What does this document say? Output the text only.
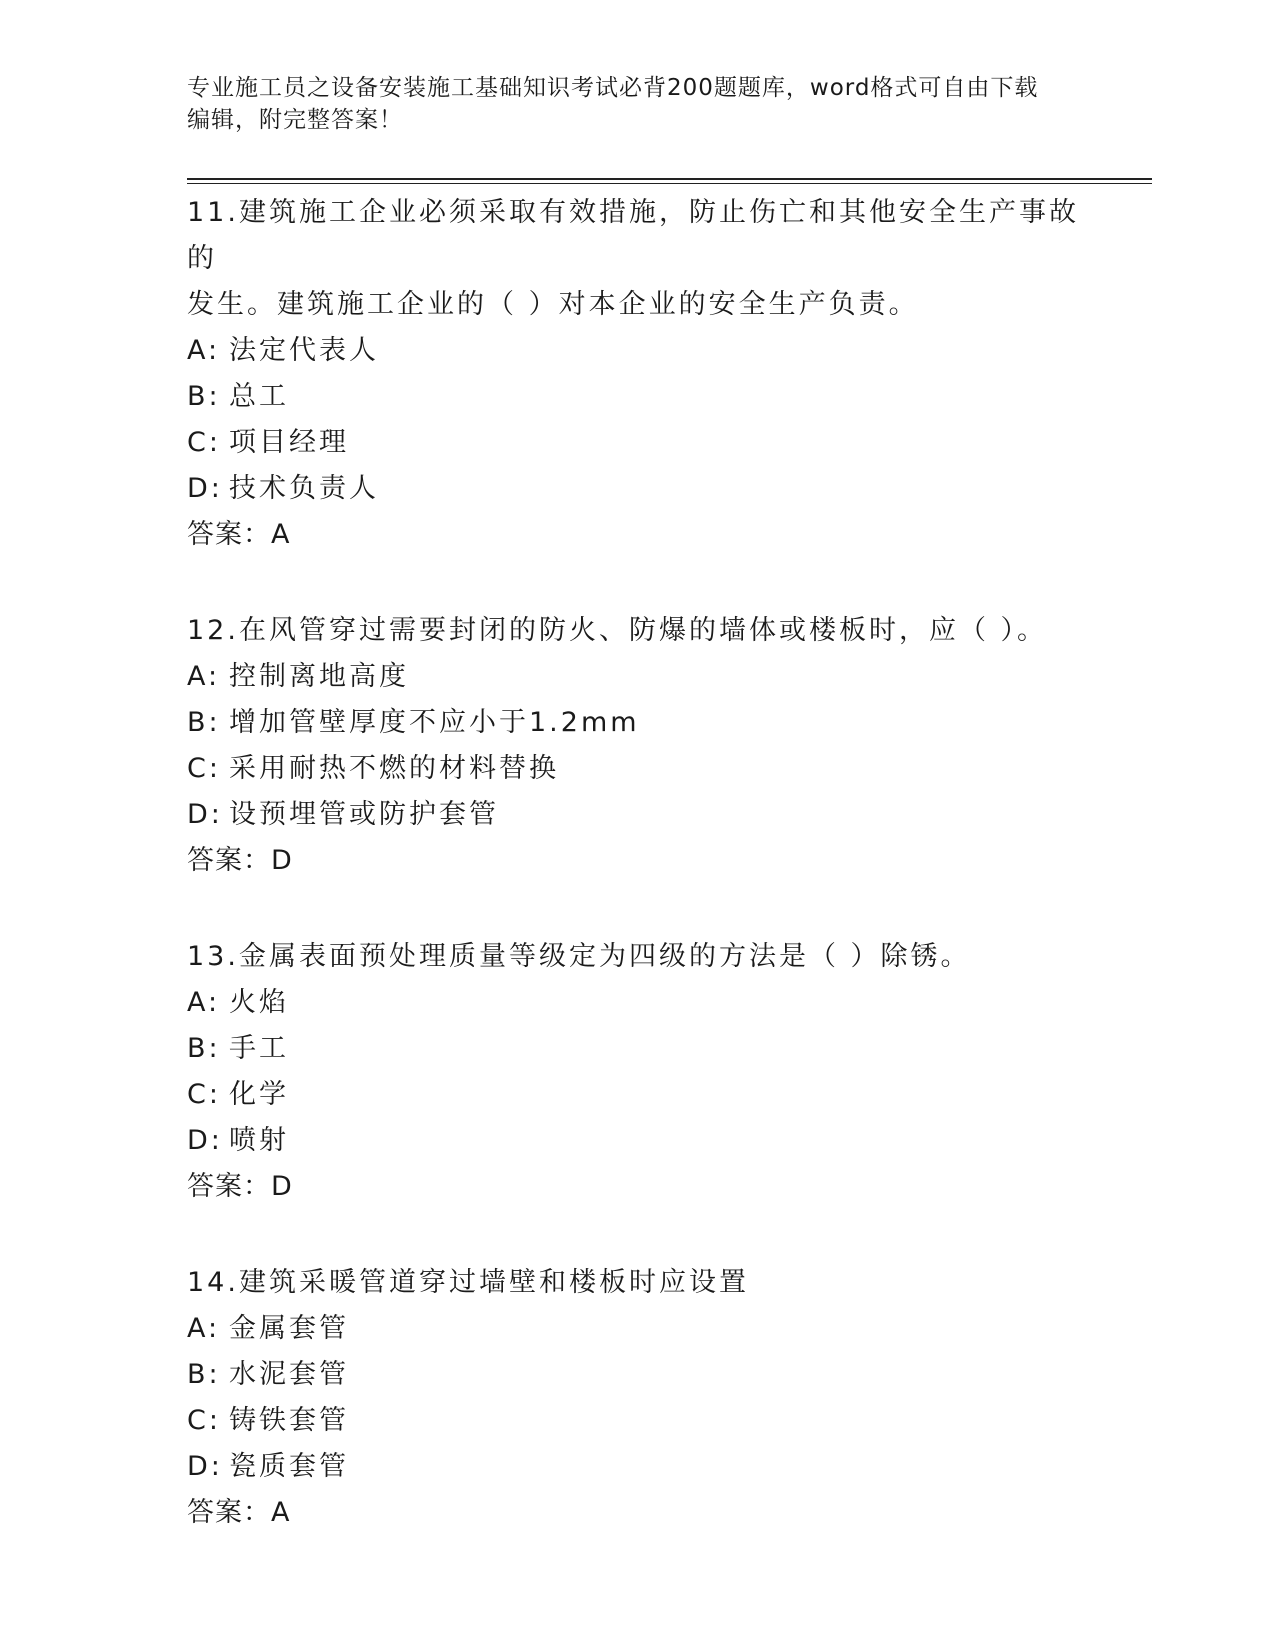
专业施工员之设备安装施工基础知识考试必背200题题库，word格式可自由下载
编辑，附完整答案！
11.建筑施工企业必须采取有效措施，防止伤亡和其他安全生产事故的
发生。建筑施工企业的（ ）对本企业的安全生产负责。
A: 法定代表人
B: 总工
C: 项目经理
D: 技术负责人
答案：A
12.在风管穿过需要封闭的防火、防爆的墙体或楼板时，应（ ）。
A: 控制离地高度
B: 增加管壁厚度不应小于1.2mm
C: 采用耐热不燃的材料替换
D: 设预埋管或防护套管
答案：D
13.金属表面预处理质量等级定为四级的方法是（ ）除锈。
A: 火焰
B: 手工
C: 化学
D: 喷射
答案：D
14.建筑采暖管道穿过墙壁和楼板时应设置
A: 金属套管
B: 水泥套管
C: 铸铁套管
D: 瓷质套管
答案：A
